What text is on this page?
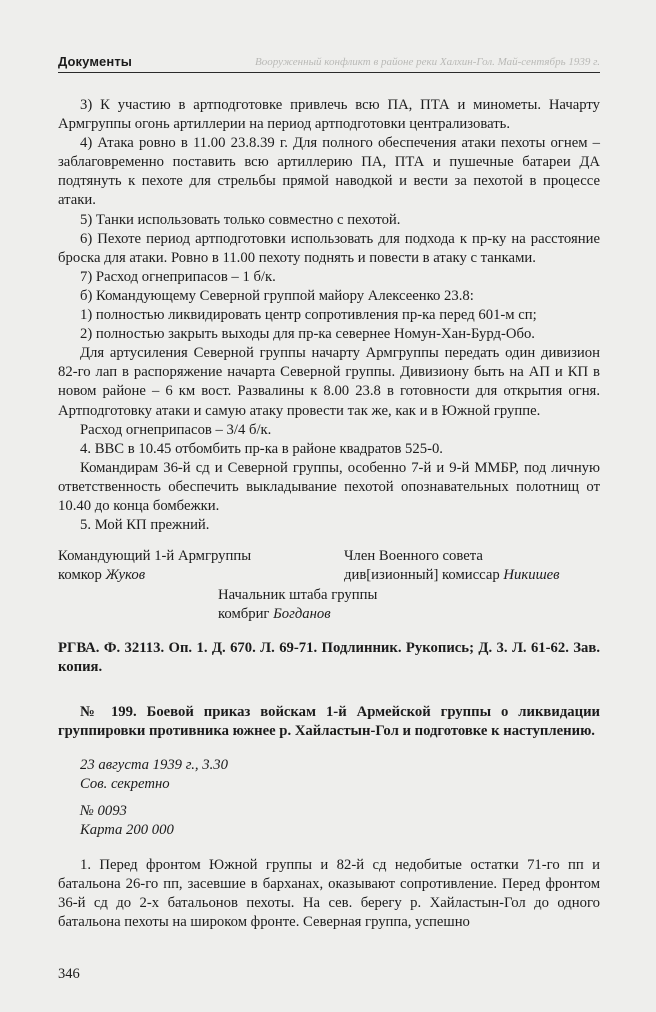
Документы	Вооруженный конфликт в районе реки Халхин-Гол. Май-сентябрь 1939 г.

3) К участию в артподготовке привлечь всю ПА, ПТА и минометы. Начарту Армгруппы огонь артиллерии на период артподготовки централизовать.

4) Атака ровно в 11.00 23.8.39 г. Для полного обеспечения атаки пехоты огнем – заблаговременно поставить всю артиллерию ПА, ПТА и пушечные батареи ДА подтянуть к пехоте для стрельбы прямой наводкой и вести за пехотой в процессе атаки.

5) Танки использовать только совместно с пехотой.

6) Пехоте период артподготовки использовать для подхода к пр-ку на расстояние броска для атаки. Ровно в 11.00 пехоту поднять и повести в атаку с танками.

7) Расход огнеприпасов – 1 б/к.

б) Командующему Северной группой майору Алексеенко 23.8:

1) полностью ликвидировать центр сопротивления пр-ка перед 601-м сп;

2) полностью закрыть выходы для пр-ка севернее Номун-Хан-Бурд-Обо.

Для артусиления Северной группы начарту Армгруппы передать один дивизион 82-го лап в распоряжение начарта Северной группы. Дивизиону быть на АП и КП в новом районе – 6 км вост. Развалины к 8.00 23.8 в готовности для открытия огня. Артподготовку атаки и самую атаку провести так же, как и в Южной группе.

Расход огнеприпасов – 3/4 б/к.

4. ВВС в 10.45 отбомбить пр-ка в районе квадратов 525-0.

Командирам 36-й сд и Северной группы, особенно 7-й и 9-й ММБР, под личную ответственность обеспечить выкладывание пехотой опознавательных полотнищ от 10.40 до конца бомбежки.

5. Мой КП прежний.

Командующий 1-й Армгруппы
комкор Жуков
Член Военного совета
див[изионный] комиссар Никишев
Начальник штаба группы
комбриг Богданов

РГВА. Ф. 32113. Оп. 1. Д. 670. Л. 69-71. Подлинник. Рукопись; Д. 3. Л. 61-62. Зав. копия.

№ 199. Боевой приказ войскам 1-й Армейской группы о ликвидации группировки противника южнее р. Хайластын-Гол и подготовке к наступлению.

23 августа 1939 г., 3.30
Сов. секретно
№ 0093
Карта 200 000

1. Перед фронтом Южной группы и 82-й сд недобитые остатки 71-го пп и батальона 26-го пп, засевшие в барханах, оказывают сопротивление. Перед фронтом 36-й сд до 2-х батальонов пехоты. На сев. берегу р. Хайластын-Гол до одного батальона пехоты на широком фронте. Северная группа, успешно

346
